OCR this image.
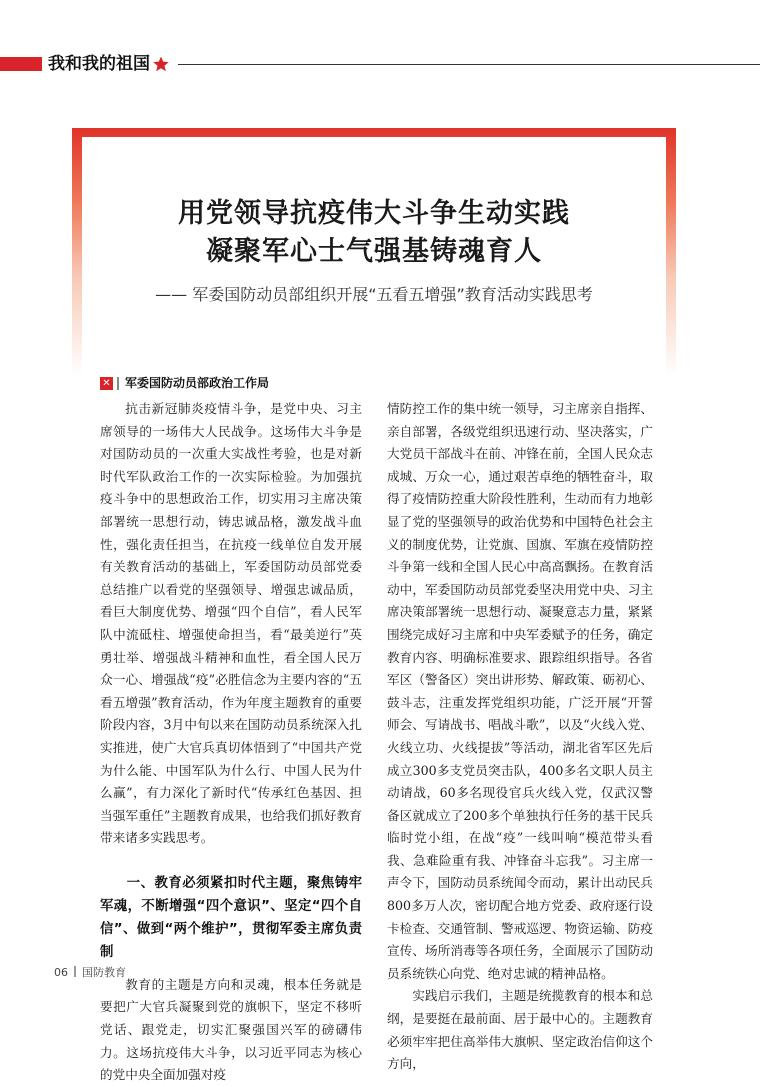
我和我的祖国
用党领导抗疫伟大斗争生动实践
凝聚军心士气强基铸魂育人
—— 军委国防动员部组织开展“五看五增强”教育活动实践思考
✕ 军委国防动员部政治工作局

抗击新冠肺炎疫情斗争，是党中央、习主席领导的一场伟大人民战争。这场伟大斗争是对国防动员的一次重大实战性考验，也是对新时代军队政治工作的一次实际检验。为加强抗疫斗争中的思想政治工作，切实用习主席决策部署统一思想行动，铸忠诚品格，激发战斗血性，强化责任担当，在抗疫一线单位自发开展有关教育活动的基础上，军委国防动员部党委总结推广以看党的坚强领导、增强忠诚品质，看巨大制度优势、增强“四个自信”，看人民军队中流砥柱、增强使命担当，看“最美逆行”英勇壮举、增强战斗精神和血性，看全国人民万众一心、增强战“疫”必胜信念为主要内容的“五看五增强”教育活动，作为年度主题教育的重要阶段内容，3月中旬以来在国防动员系统深入扎实推进，使广大官兵真切体悟到了“中国共产党为什么能、中国军队为什么行、中国人民为什么赢”，有力深化了新时代“传承红色基因、担当强军重任”主题教育成果，也给我们抓好教育带来诸多实践思考。

一、教育必须紧扣时代主题，聚焦铸牢军魂，不断增强“四个意识”、坚定“四个自信”、做到“两个维护”，贯彻军委主席负责制

教育的主题是方向和灵魂，根本任务就是要把广大官兵凝聚到党的旗帜下，坚定不移听党话、跟党走，切实汇聚强国兴军的磅礴伟力。这场抗疫伟大斗争，以习近平同志为核心的党中央全面加强对疫

情防控工作的集中统一领导，习主席亲自指挥、亲自部署，各级党组织迅速行动、坚决落实，广大党员干部战斗在前、冲锋在前，全国人民众志成城、万众一心，通过艰苦卓绝的牺牲奋斗，取得了疫情防控重大阶段性胜利，生动而有力地彰显了党的坚强领导的政治优势和中国特色社会主义的制度优势，让党旗、国旗、军旗在疫情防控斗争第一线和全国人民心中高高飘扬。在教育活动中，军委国防动员部党委坚决用党中央、习主席决策部署统一思想行动、凝聚意志力量，紧紧围绕完成好习主席和中央军委赋予的任务，确定教育内容、明确标准要求、跟踪组织指导。各省军区（警备区）突出讲形势、解政策、砺初心、鼓斗志，注重发挥党组织功能，广泛开展“开誓师会、写请战书、唱战斗歌”，以及“火线入党、火线立功、火线提拔”等活动，湖北省军区先后成立300多支党员突击队，400多名文职人员主动请战，60多名现役官兵火线入党，仅武汉警备区就成立了200多个单独执行任务的基干民兵临时党小组，在战“疫”一线叫响“模范带头看我、急难险重有我、冲锋奋斗忘我”。习主席一声令下，国防动员系统闻令而动，累计出动民兵800多万人次，密切配合地方党委、政府逐行设卡检查、交通管制、警戒巡逻、物资运输、防疫宣传、场所消毒等各项任务，全面展示了国防动员系统铁心向党、绝对忠诚的精神品格。

实践启示我们，主题是统揽教育的根本和总纲，是要挺在最前面、居于最中心的。主题教育必须牢牢把住高举伟大旗帜、坚定政治信仰这个方向，

06 国防教育
